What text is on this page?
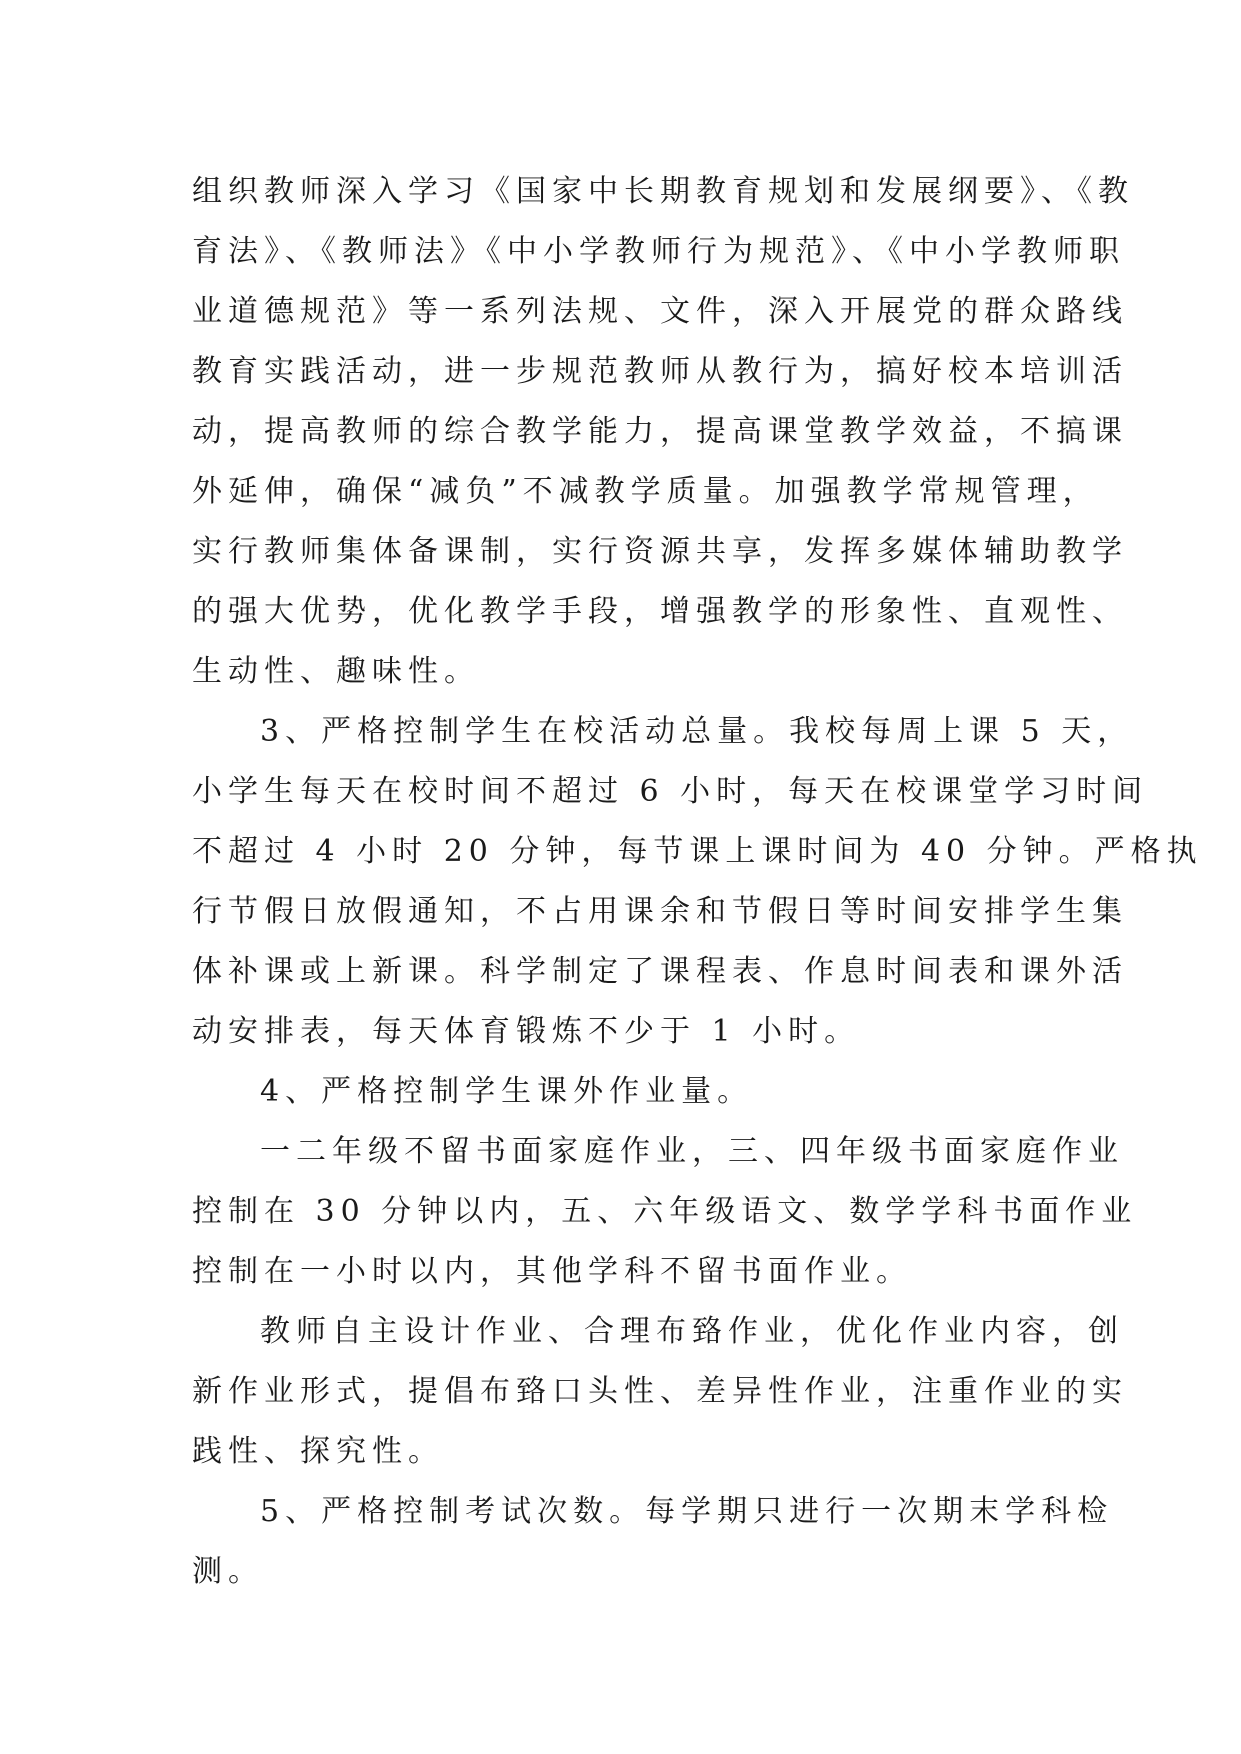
组织教师深入学习《国家中长期教育规划和发展纲要》、《教
育法》、《教师法》《中小学教师行为规范》、《中小学教师职
业道德规范》等一系列法规、文件，深入开展党的群众路线
教育实践活动，进一步规范教师从教行为，搞好校本培训活
动，提高教师的综合教学能力，提高课堂教学效益，不搞课
外延伸，确保“减负”不减教学质量。加强教学常规管理，
实行教师集体备课制，实行资源共享，发挥多媒体辅助教学
的强大优势，优化教学手段，增强教学的形象性、直观性、
生动性、趣味性。
3、严格控制学生在校活动总量。我校每周上课 5 天，
小学生每天在校时间不超过 6 小时，每天在校课堂学习时间
不超过 4 小时 20 分钟，每节课上课时间为 40 分钟。严格执
行节假日放假通知，不占用课余和节假日等时间安排学生集
体补课或上新课。科学制定了课程表、作息时间表和课外活
动安排表，每天体育锻炼不少于 1 小时。
4、严格控制学生课外作业量。
一二年级不留书面家庭作业，三、四年级书面家庭作业
控制在 30 分钟以内，五、六年级语文、数学学科书面作业
控制在一小时以内，其他学科不留书面作业。
教师自主设计作业、合理布臵作业，优化作业内容，创
新作业形式，提倡布臵口头性、差异性作业，注重作业的实
践性、探究性。
5、严格控制考试次数。每学期只进行一次期末学科检
测。
